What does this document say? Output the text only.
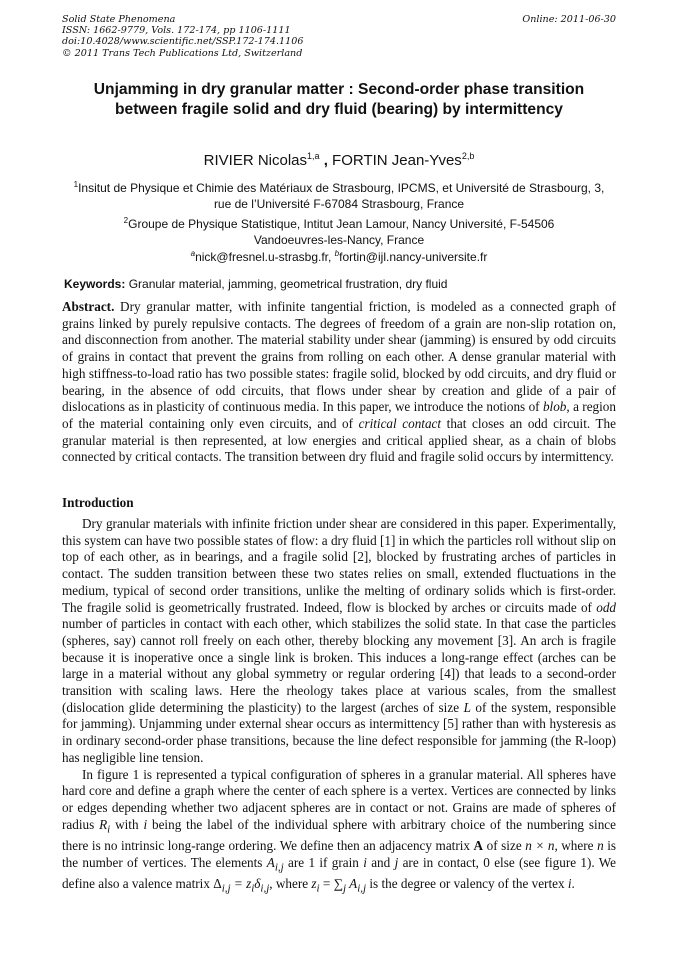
Solid State Phenomena
ISSN: 1662-9779, Vols. 172-174, pp 1106-1111
doi:10.4028/www.scientific.net/SSP.172-174.1106
© 2011 Trans Tech Publications Ltd, Switzerland
Online: 2011-06-30
Unjamming in dry granular matter : Second-order phase transition
between fragile solid and dry fluid (bearing) by intermittency
RIVIER Nicolas$^{1,a}$ , FORTIN Jean-Yves$^{2,b}$
$^1$Insitut de Physique et Chimie des Matériaux de Strasbourg, IPCMS, et Université de Strasbourg, 3,
rue de l’Université F-67084 Strasbourg, France
$^2$Groupe de Physique Statistique, Intitut Jean Lamour, Nancy Université, F-54506
Vandoeuvres-les-Nancy, France
$^a$nick@fresnel.u-strasbg.fr, $^b$fortin@ijl.nancy-universite.fr
Keywords: Granular material, jamming, geometrical frustration, dry fluid

Abstract. Dry granular matter, with infinite tangential friction, is modeled as a connected graph of grains linked by purely repulsive contacts. The degrees of freedom of a grain are non-slip rotation on, and disconnection from another. The material stability under shear (jamming) is ensured by odd circuits of grains in contact that prevent the grains from rolling on each other. A dense granular material with high stiffness-to-load ratio has two possible states: fragile solid, blocked by odd circuits, and dry fluid or bearing, in the absence of odd circuits, that flows under shear by creation and glide of a pair of dislocations as in plasticity of continuous media. In this paper, we introduce the notions of blob, a region of the material containing only even circuits, and of critical contact that closes an odd circuit. The granular material is then represented, at low energies and critical applied shear, as a chain of blobs connected by critical contacts. The transition between dry fluid and fragile solid occurs by intermittency.

Introduction

Dry granular materials with infinite friction under shear are considered in this paper. Experimentally, this system can have two possible states of flow: a dry fluid [1] in which the particles roll without slip on top of each other, as in bearings, and a fragile solid [2], blocked by frustrating arches of particles in contact. The sudden transition between these two states relies on small, extended fluctuations in the medium, typical of second order transitions, unlike the melting of ordinary solids which is first-order. The fragile solid is geometrically frustrated. Indeed, flow is blocked by arches or circuits made of odd number of particles in contact with each other, which stabilizes the solid state. In that case the particles (spheres, say) cannot roll freely on each other, thereby blocking any movement [3]. An arch is fragile because it is inoperative once a single link is broken. This induces a long-range effect (arches can be large in a material without any global symmetry or regular ordering [4]) that leads to a second-order transition with scaling laws. Here the rheology takes place at various scales, from the smallest (dislocation glide determining the plasticity) to the largest (arches of size L of the system, responsible for jamming). Unjamming under external shear occurs as intermittency [5] rather than with hysteresis as in ordinary second-order phase transitions, because the line defect responsible for jamming (the R-loop) has negligible line tension.

In figure 1 is represented a typical configuration of spheres in a granular material. All spheres have hard core and define a graph where the center of each sphere is a vertex. Vertices are connected by links or edges depending whether two adjacent spheres are in contact or not. Grains are made of spheres of radius $R_i$ with i being the label of the individual sphere with arbitrary choice of the numbering since there is no intrinsic long-range ordering. We define then an adjacency matrix A of size n × n, where n is the number of vertices. The elements $A_{i,j}$ are 1 if grain i and j are in contact, 0 else (see figure 1). We define also a valence matrix $\Delta_{i,j} = z_i\delta_{i,j}$, where $z_i = \sum_j$ $A_{i,j}$ is the degree or valency of the vertex i.
